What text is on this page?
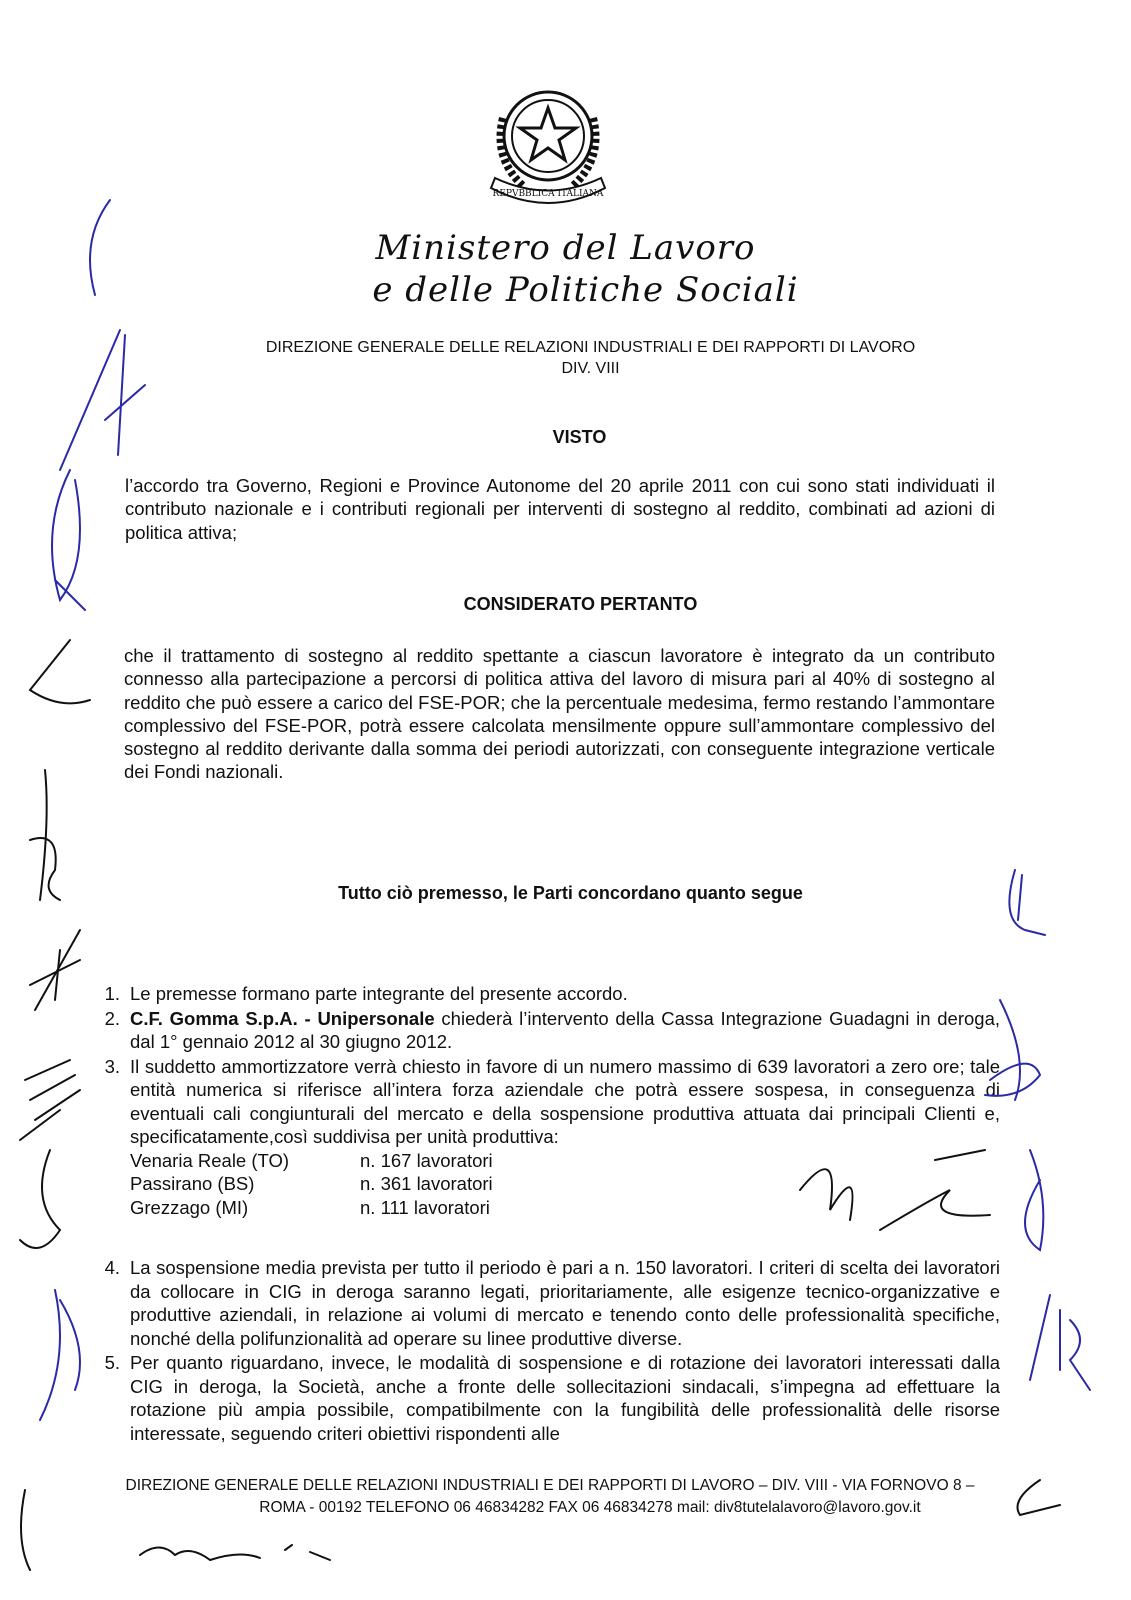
REPVBBLICA ITALIANA
Ministero del Lavoro
e delle Politiche Sociali
DIREZIONE GENERALE DELLE RELAZIONI INDUSTRIALI E DEI RAPPORTI DI LAVORO
DIV. VIII
VISTO
l’accordo tra Governo, Regioni e Province Autonome del 20 aprile 2011 con cui sono stati individuati il contributo nazionale e i contributi regionali per interventi di sostegno al reddito, combinati ad azioni di politica attiva;
CONSIDERATO PERTANTO
che il trattamento di sostegno al reddito spettante a ciascun lavoratore è integrato da un contributo connesso alla partecipazione a percorsi di politica attiva del lavoro di misura pari al 40% di sostegno al reddito che può essere a carico del FSE-POR; che la percentuale medesima, fermo restando l’ammontare complessivo del FSE-POR, potrà essere calcolata mensilmente oppure sull’ammontare complessivo del sostegno al reddito derivante dalla somma dei periodi autorizzati, con conseguente integrazione verticale dei Fondi nazionali.
Tutto ciò premesso, le Parti concordano quanto segue
1. Le premesse formano parte integrante del presente accordo.
2. C.F. Gomma S.p.A. - Unipersonale chiederà l’intervento della Cassa Integrazione Guadagni in deroga, dal 1° gennaio 2012 al 30 giugno 2012.
3. Il suddetto ammortizzatore verrà chiesto in favore di un numero massimo di 639 lavoratori a zero ore; tale entità numerica si riferisce all’intera forza aziendale che potrà essere sospesa, in conseguenza di eventuali cali congiunturali del mercato e della sospensione produttiva attuata dai principali Clienti e, specificatamente,così suddivisa per unità produttiva:
Venaria Reale (TO)	n. 167 lavoratori
Passirano (BS)	n. 361 lavoratori
Grezzago (MI)	n. 111 lavoratori
4. La sospensione media prevista per tutto il periodo è pari a n. 150 lavoratori. I criteri di scelta dei lavoratori da collocare in CIG in deroga saranno legati, prioritariamente, alle esigenze tecnico-organizzative e produttive aziendali, in relazione ai volumi di mercato e tenendo conto delle professionalità specifiche, nonché della polifunzionalità ad operare su linee produttive diverse.
5. Per quanto riguardano, invece, le modalità di sospensione e di rotazione dei lavoratori interessati dalla CIG in deroga, la Società, anche a fronte delle sollecitazioni sindacali, s’impegna ad effettuare la rotazione più ampia possibile, compatibilmente con la fungibilità delle professionalità delle risorse interessate, seguendo criteri obiettivi rispondenti alle
DIREZIONE GENERALE DELLE RELAZIONI INDUSTRIALI E DEI RAPPORTI DI LAVORO – DIV. VIII - VIA FORNOVO 8 –
ROMA - 00192 TELEFONO 06 46834282 FAX 06 46834278 mail: div8tutelalavoro@lavoro.gov.it
